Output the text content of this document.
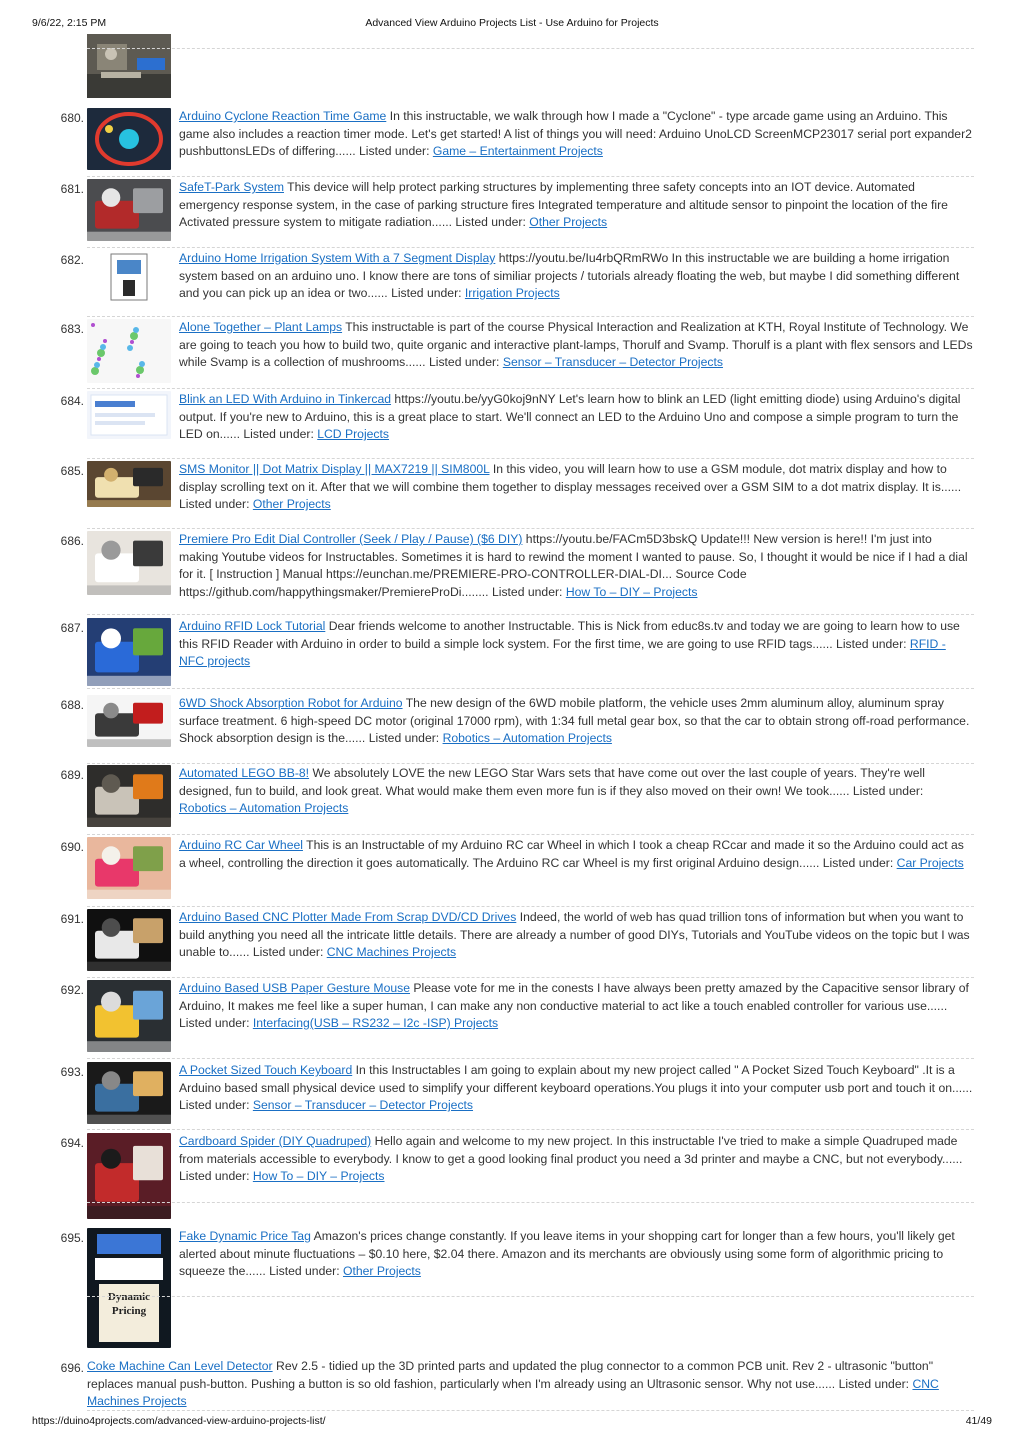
9/6/22, 2:15 PM	Advanced View Arduino Projects List - Use Arduino for Projects
680.	Arduino Cyclone Reaction Time Game In this instructable, we walk through how I made a "Cyclone" - type arcade game using an Arduino. This game also includes a reaction timer mode. Let's get started! A list of things you will need: Arduino UnoLCD ScreenMCP23017 serial port expander2 pushbuttonsLEDs of differing...... Listed under: Game – Entertainment Projects
681.	SafeT-Park System This device will help protect parking structures by implementing three safety concepts into an IOT device. Automated emergency response system, in the case of parking structure fires Integrated temperature and altitude sensor to pinpoint the location of the fire Activated pressure system to mitigate radiation...... Listed under: Other Projects
682.	Arduino Home Irrigation System With a 7 Segment Display https://youtu.be/Iu4rbQRmRWo In this instructable we are building a home irrigation system based on an arduino uno. I know there are tons of similiar projects / tutorials already floating the web, but maybe I did something different and you can pick up an idea or two...... Listed under: Irrigation Projects
683.	Alone Together – Plant Lamps This instructable is part of the course Physical Interaction and Realization at KTH, Royal Institute of Technology. We are going to teach you how to build two, quite organic and interactive plant-lamps, Thorulf and Svamp. Thorulf is a plant with flex sensors and LEDs while Svamp is a collection of mushrooms...... Listed under: Sensor – Transducer – Detector Projects
684.	Blink an LED With Arduino in Tinkercad https://youtu.be/yyG0koj9nNY Let's learn how to blink an LED (light emitting diode) using Arduino's digital output. If you're new to Arduino, this is a great place to start. We'll connect an LED to the Arduino Uno and compose a simple program to turn the LED on...... Listed under: LCD Projects
685.	SMS Monitor || Dot Matrix Display || MAX7219 || SIM800L In this video, you will learn how to use a GSM module, dot matrix display and how to display scrolling text on it. After that we will combine them together to display messages received over a GSM SIM to a dot matrix display. It is...... Listed under: Other Projects
686.	Premiere Pro Edit Dial Controller (Seek / Play / Pause) ($6 DIY) https://youtu.be/FACm5D3bskQ Update!!! New version is here!! I'm just into making Youtube videos for Instructables. Sometimes it is hard to rewind the moment I wanted to pause. So, I thought it would be nice if I had a dial for it. [ Instruction ] Manual https://eunchan.me/PREMIERE-PRO-CONTROLLER-DIAL-DI... Source Code https://github.com/happythingsmaker/PremiereProDi........ Listed under: How To – DIY – Projects
687.	Arduino RFID Lock Tutorial Dear friends welcome to another Instructable. This is Nick from educ8s.tv and today we are going to learn how to use this RFID Reader with Arduino in order to build a simple lock system. For the first time, we are going to use RFID tags...... Listed under: RFID - NFC projects
688.	6WD Shock Absorption Robot for Arduino The new design of the 6WD mobile platform, the vehicle uses 2mm aluminum alloy, aluminum spray surface treatment. 6 high-speed DC motor (original 17000 rpm), with 1:34 full metal gear box, so that the car to obtain strong off-road performance. Shock absorption design is the...... Listed under: Robotics – Automation Projects
689.	Automated LEGO BB-8! We absolutely LOVE the new LEGO Star Wars sets that have come out over the last couple of years. They're well designed, fun to build, and look great. What would make them even more fun is if they also moved on their own! We took...... Listed under: Robotics – Automation Projects
690.	Arduino RC Car Wheel This is an Instructable of my Arduino RC car Wheel in which I took a cheap RCcar and made it so the Arduino could act as a wheel, controlling the direction it goes automatically. The Arduino RC car Wheel is my first original Arduino design...... Listed under: Car Projects
691.	Arduino Based CNC Plotter Made From Scrap DVD/CD Drives Indeed, the world of web has quad trillion tons of information but when you want to build anything you need all the intricate little details. There are already a number of good DIYs, Tutorials and YouTube videos on the topic but I was unable to...... Listed under: CNC Machines Projects
692.	Arduino Based USB Paper Gesture Mouse Please vote for me in the conests I have always been pretty amazed by the Capacitive sensor library of Arduino, It makes me feel like a super human, I can make any non conductive material to act like a touch enabled controller for various use...... Listed under: Interfacing(USB – RS232 – I2c -ISP) Projects
693.	A Pocket Sized Touch Keyboard In this Instructables I am going to explain about my new project called " A Pocket Sized Touch Keyboard" .It is a Arduino based small physical device used to simplify your different keyboard operations.You plugs it into your computer usb port and touch it on...... Listed under: Sensor – Transducer – Detector Projects
694.	Cardboard Spider (DIY Quadruped) Hello again and welcome to my new project. In this instructable I've tried to make a simple Quadruped made from materials accessible to everybody. I know to get a good looking final product you need a 3d printer and maybe a CNC, but not everybody...... Listed under: How To – DIY – Projects
695.
Dynamic
Pricing
Fake Dynamic Price Tag Amazon's prices change constantly. If you leave items in your shopping cart for longer than a few hours, you'll likely get alerted about minute fluctuations – $0.10 here, $2.04 there. Amazon and its merchants are obviously using some form of algorithmic pricing to squeeze the...... Listed under: Other Projects
696. Coke Machine Can Level Detector Rev 2.5 - tidied up the 3D printed parts and updated the plug connector to a common PCB unit. Rev 2 - ultrasonic "button" replaces manual push-button. Pushing a button is so old fashion, particularly when I'm already using an Ultrasonic sensor. Why not use...... Listed under: CNC Machines Projects
https://duino4projects.com/advanced-view-arduino-projects-list/	41/49
